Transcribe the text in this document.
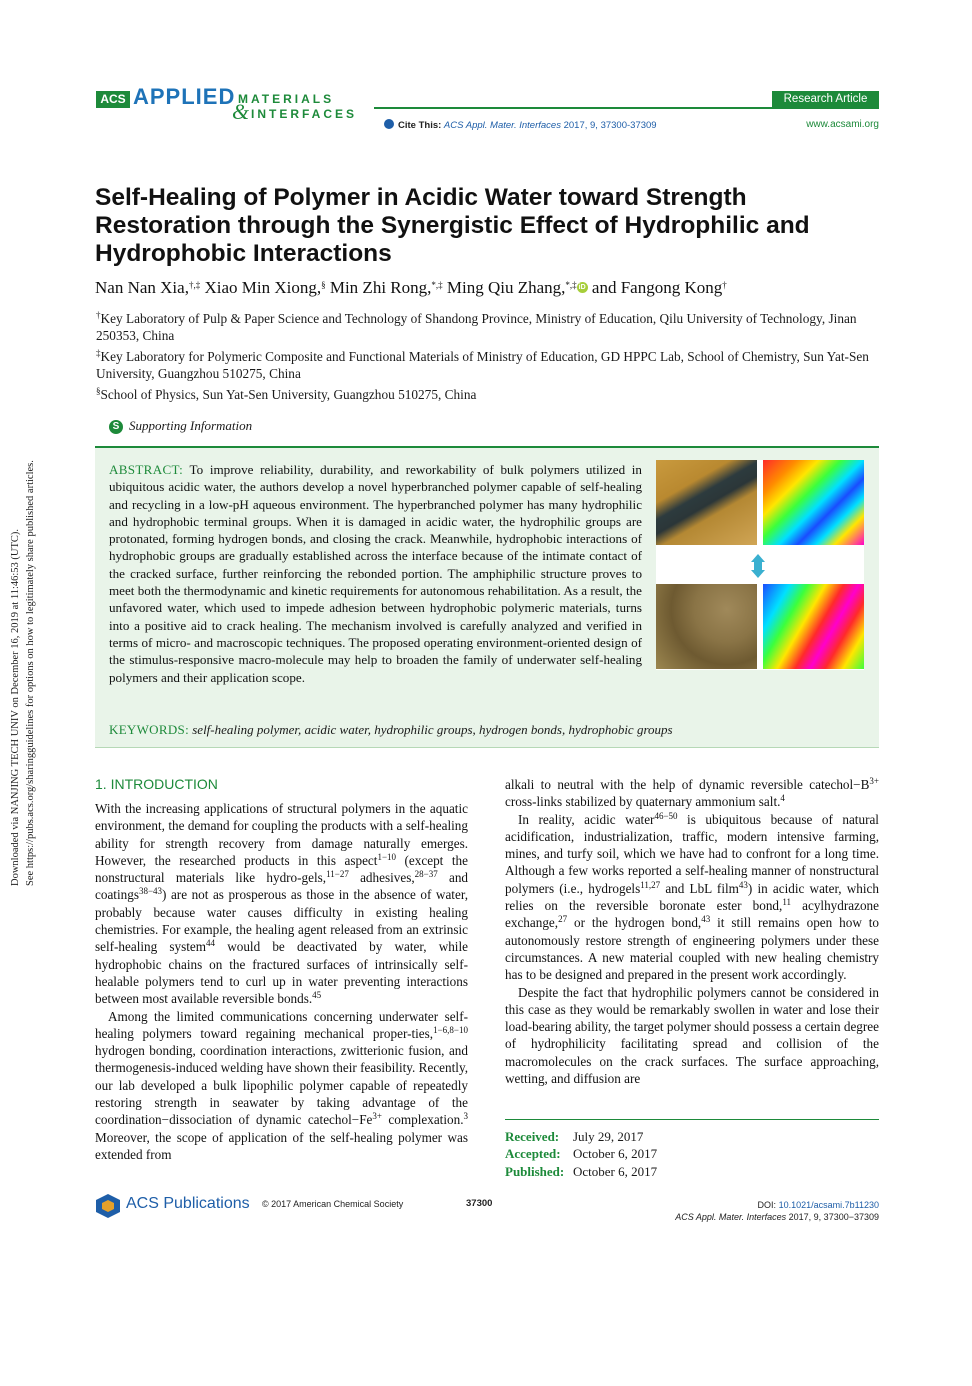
ACS APPLIED MATERIALS
& INTERFACES
Research Article
Cite This: ACS Appl. Mater. Interfaces 2017, 9, 37300-37309	www.acsami.org
Self-Healing of Polymer in Acidic Water toward Strength Restoration through the Synergistic Effect of Hydrophilic and Hydrophobic Interactions
Nan Nan Xia,†,‡ Xiao Min Xiong,§ Min Zhi Rong,*,‡ Ming Qiu Zhang,*,‡ iD and Fangong Kong†
†Key Laboratory of Pulp & Paper Science and Technology of Shandong Province, Ministry of Education, Qilu University of Technology, Jinan 250353, China
‡Key Laboratory for Polymeric Composite and Functional Materials of Ministry of Education, GD HPPC Lab, School of Chemistry, Sun Yat-Sen University, Guangzhou 510275, China
§School of Physics, Sun Yat-Sen University, Guangzhou 510275, China
S Supporting Information
ABSTRACT: To improve reliability, durability, and reworkability of bulk polymers utilized in ubiquitous acidic water, the authors develop a novel hyperbranched polymer capable of self-healing and recycling in a low-pH aqueous environment. The hyperbranched polymer has many hydrophilic and hydrophobic terminal groups. When it is damaged in acidic water, the hydrophilic groups are protonated, forming hydrogen bonds, and closing the crack. Meanwhile, hydrophobic interactions of hydrophobic groups are gradually established across the interface because of the intimate contact of the cracked surface, further reinforcing the rebonded portion. The amphiphilic structure proves to meet both the thermodynamic and kinetic requirements for autonomous rehabilitation. As a result, the unfavored water, which used to impede adhesion between hydrophobic polymeric materials, turns into a positive aid to crack healing. The mechanism involved is carefully analyzed and verified in terms of micro- and macroscopic techniques. The proposed operating environment-oriented design of the stimulus-responsive macro-molecule may help to broaden the family of underwater self-healing polymers and their application scope.
KEYWORDS: self-healing polymer, acidic water, hydrophilic groups, hydrogen bonds, hydrophobic groups
1. INTRODUCTION

With the increasing applications of structural polymers in the aquatic environment, the demand for coupling the products with a self-healing ability for strength recovery from damage naturally emerges. However, the researched products in this aspect$^{1-10}$ (except the nonstructural materials like hydro-gels,$^{11-27}$ adhesives,$^{28-37}$ and coatings$^{38-43}$) are not as prosperous as those in the absence of water, probably because water causes difficulty in existing healing chemistries. For example, the healing agent released from an extrinsic self-healing system$^{44}$ would be deactivated by water, while hydrophobic chains on the fractured surfaces of intrinsically self-healable polymers tend to curl up in water preventing interactions between most available reversible bonds.$^{45}$

Among the limited communications concerning underwater self-healing polymers toward regaining mechanical proper-ties,$^{1-6,8-10}$ hydrogen bonding, coordination interactions, zwitterionic fusion, and thermogenesis-induced welding have shown their feasibility. Recently, our lab developed a bulk lipophilic polymer capable of repeatedly restoring strength in seawater by taking advantage of the coordination−dissociation of dynamic $catechol-Fe^{3+}$ complexation.$^3$ Moreover, the scope of application of the self-healing polymer was extended from

alkali to neutral with the help of dynamic reversible $catechol-B^{3+}$ cross-links stabilized by quaternary ammonium salt.$^4$

In reality, acidic water$^{46-50}$ is ubiquitous because of natural acidification, industrialization, traffic, modern intensive farming, mines, and turfy soil, which we have had to confront for a long time. Although a few works reported a self-healing manner of nonstructural polymers (i.e., hydrogels$^{11,27}$ and LbL film$^{43}$) in acidic water, which relies on the reversible boronate ester bond,$^{11}$ acylhydrazone exchange,$^{27}$ or the hydrogen bond,$^{43}$ it still remains open how to autonomously restore strength of engineering polymers under these circumstances. A new material coupled with new healing chemistry has to be designed and prepared in the present work accordingly.

Despite the fact that hydrophilic polymers cannot be considered in this case as they would be remarkably swollen in water and lose their load-bearing ability, the target polymer should possess a certain degree of hydrophilicity facilitating spread and collision of the macromolecules on the crack surfaces. The surface approaching, wetting, and diffusion are

Received: July 29, 2017
Accepted: October 6, 2017
Published: October 6, 2017
Downloaded via NANJING TECH UNIV on December 16, 2019 at 11:46:53 (UTC). See https://pubs.acs.org/sharingguidelines for options on how to legitimately share published articles.
ACS Publications © 2017 American Chemical Society	37300	DOI: 10.1021/acsami.7b11230
ACS Appl. Mater. Interfaces 2017, 9, 37300−37309
